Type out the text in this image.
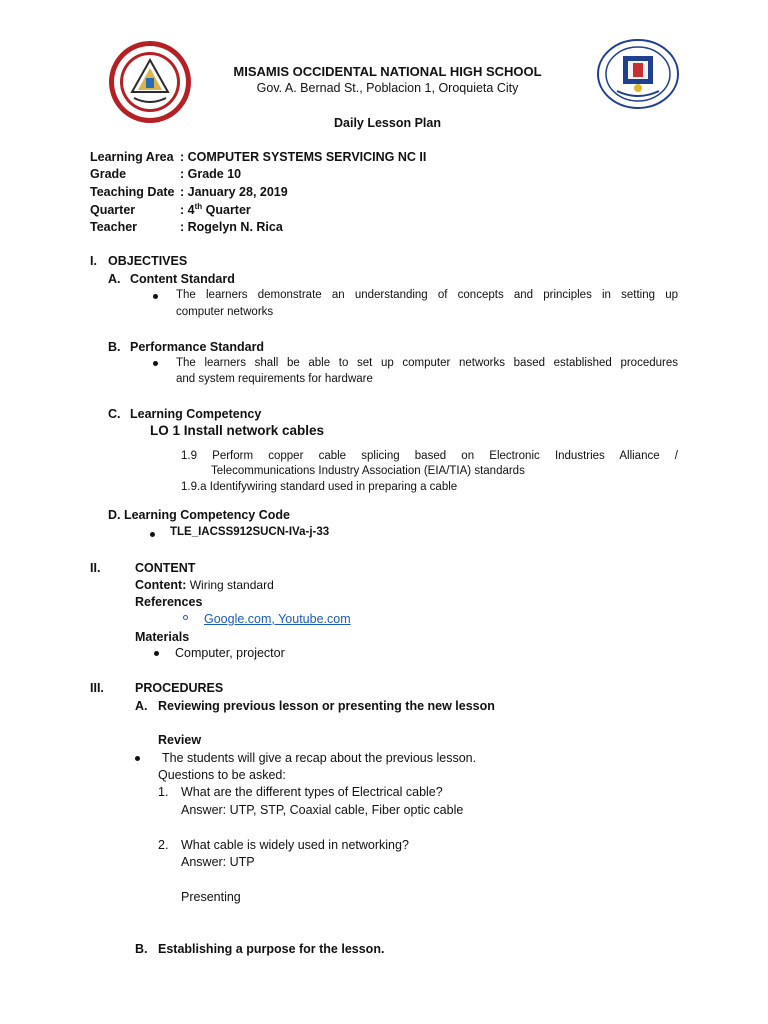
MISAMIS OCCIDENTAL NATIONAL HIGH SCHOOL
Gov. A. Bernad St., Poblacion 1, Oroquieta City
Daily Lesson Plan
Learning Area : COMPUTER SYSTEMS SERVICING NC II
Grade	: Grade 10
Teaching Date : January 28, 2019
Quarter	: 4th Quarter
Teacher	: Rogelyn N. Rica
I. OBJECTIVES
A. Content Standard
The learners demonstrate an understanding of concepts and principles in setting up
computer networks
B. Performance Standard
The learners shall be able to set up computer networks based established procedures
and system requirements for hardware
C. Learning Competency
LO 1 Install network cables
1.9 Perform copper cable splicing based on Electronic Industries Alliance /
Telecommunications Industry Association (EIA/TIA) standards
1.9.a Identifywiring standard used in preparing a cable
D. Learning Competency Code
TLE_IACSS912SUCN-IVa-j-33
II.	CONTENT
Content: Wiring standard
References
Google.com, Youtube.com
Materials
Computer, projector
III. PROCEDURES
A. Reviewing previous lesson or presenting the new lesson
Review
The students will give a recap about the previous lesson.
Questions to be asked:
1. What are the different types of Electrical cable?
Answer: UTP, STP, Coaxial cable, Fiber optic cable
2. What cable is widely used in networking?
Answer: UTP
Presenting
B. Establishing a purpose for the lesson.
